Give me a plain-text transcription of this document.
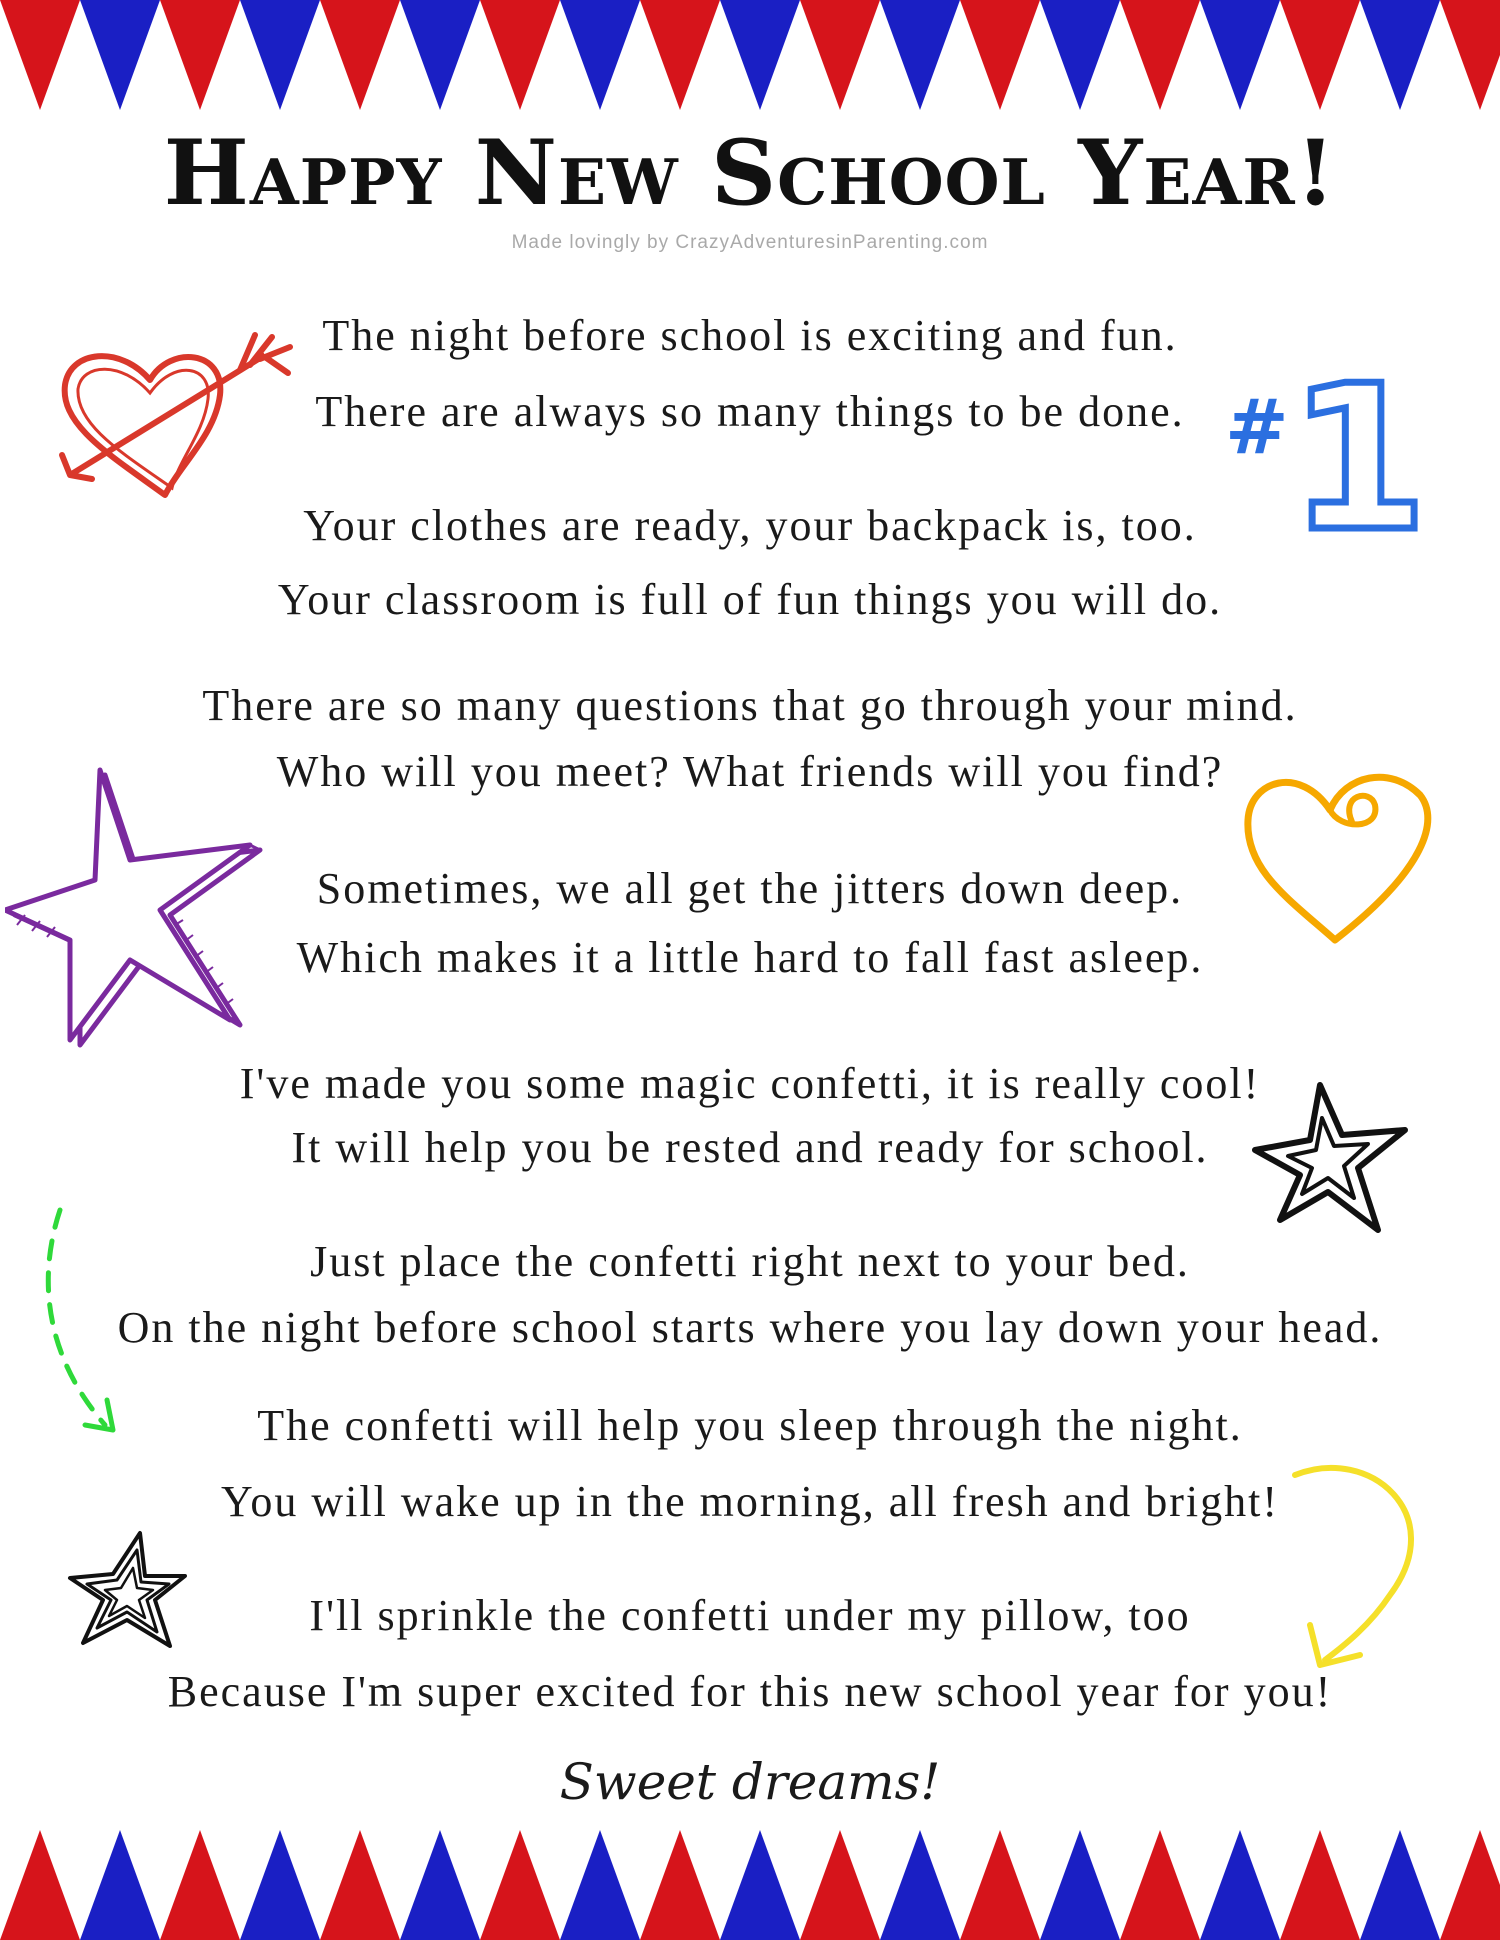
Happy New School Year!
Made lovingly by CrazyAdventuresinParenting.com
The night before school is exciting and fun.
There are always so many things to be done.
Your clothes are ready, your backpack is, too.
Your classroom is full of fun things you will do.
There are so many questions that go through your mind.
Who will you meet? What friends will you find?
Sometimes, we all get the jitters down deep.
Which makes it a little hard to fall fast asleep.
I've made you some magic confetti, it is really cool!
It will help you be rested and ready for school.
Just place the confetti right next to your bed.
On the night before school starts where you lay down your head.
The confetti will help you sleep through the night.
You will wake up in the morning, all fresh and bright!
I'll sprinkle the confetti under my pillow, too
Because I'm super excited for this new school year for you!
Sweet dreams!
#1
